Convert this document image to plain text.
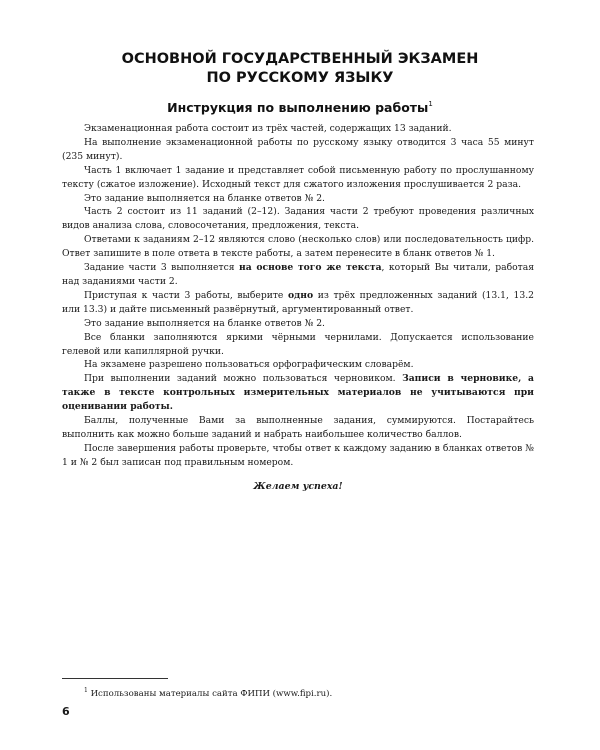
ОСНОВНОЙ ГОСУДАРСТВЕННЫЙ ЭКЗАМЕН
ПО РУССКОМУ ЯЗЫКУ
Инструкция по выполнению работы$^1$

Экзаменационная работа состоит из трёх частей, содержащих 13 заданий.

На выполнение экзаменационной работы по русскому языку отводится 3 часа 55 минут (235 минут).

Часть 1 включает 1 задание и представляет собой письменную работу по прослушанному тексту (сжатое изложение). Исходный текст для сжатого изложения прослушивается 2 раза.

Это задание выполняется на бланке ответов № 2.

Часть 2 состоит из 11 заданий (2–12). Задания части 2 требуют проведения различных видов анализа слова, словосочетания, предложения, текста.

Ответами к заданиям 2–12 являются слово (несколько слов) или последовательность цифр. Ответ запишите в поле ответа в тексте работы, а затем перенесите в бланк ответов № 1.

Задание части 3 выполняется на основе того же текста, который Вы читали, работая над заданиями части 2.

Приступая к части 3 работы, выберите одно из трёх предложенных заданий (13.1, 13.2 или 13.3) и дайте письменный развёрнутый, аргументированный ответ.

Это задание выполняется на бланке ответов № 2.

Все бланки заполняются яркими чёрными чернилами. Допускается использование гелевой или капиллярной ручки.

На экзамене разрешено пользоваться орфографическим словарём.

При выполнении заданий можно пользоваться черновиком. Записи в черновике, а также в тексте контрольных измерительных материалов не учитываются при оценивании работы.

Баллы, полученные Вами за выполненные задания, суммируются. Постарайтесь выполнить как можно больше заданий и набрать наибольшее количество баллов.

После завершения работы проверьте, чтобы ответ к каждому заданию в бланках ответов № 1 и № 2 был записан под правильным номером.

Желаем успеха!

$^1$ Использованы материалы сайта ФИПИ (www.fipi.ru).
6
